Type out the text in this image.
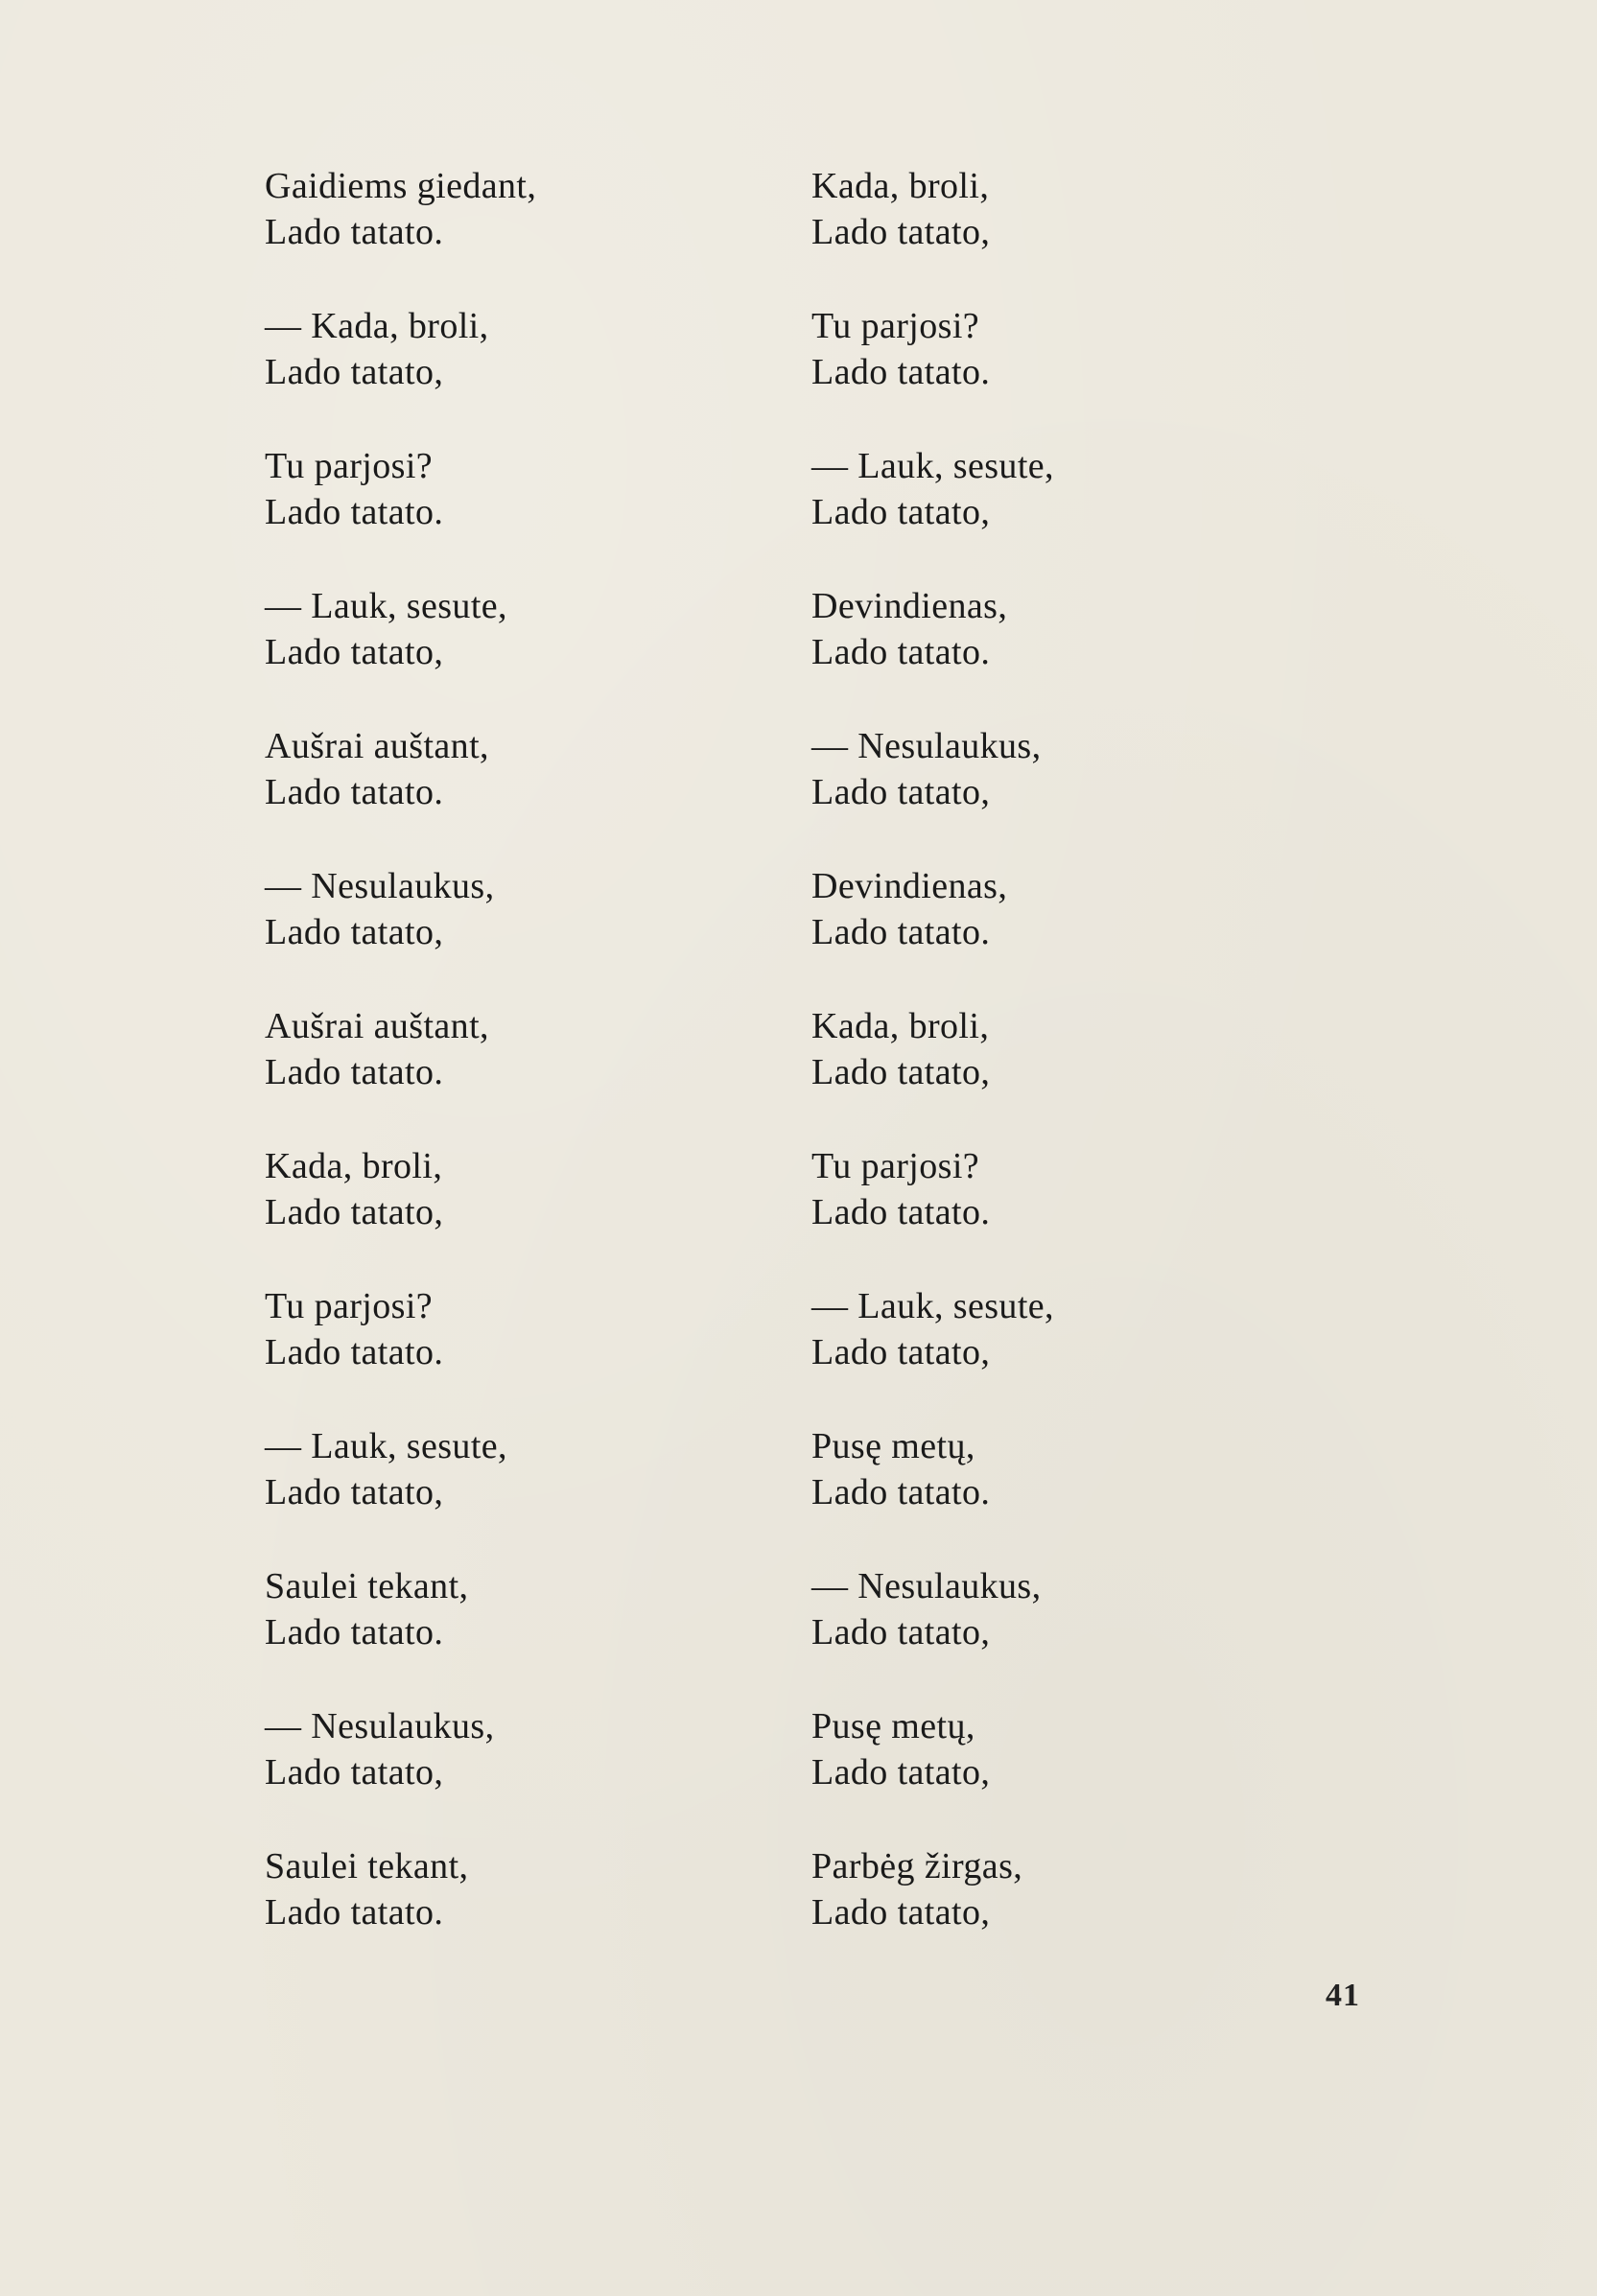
Gaidiems giedant,
Lado tatato.
— Kada, broli,
Lado tatato,
Tu parjosi?
Lado tatato.
— Lauk, sesute,
Lado tatato,
Aušrai auštant,
Lado tatato.
— Nesulaukus,
Lado tatato,
Aušrai auštant,
Lado tatato.
Kada, broli,
Lado tatato,
Tu parjosi?
Lado tatato.
— Lauk, sesute,
Lado tatato,
Saulei tekant,
Lado tatato.
— Nesulaukus,
Lado tatato,
Saulei tekant,
Lado tatato.
Kada, broli,
Lado tatato,
Tu parjosi?
Lado tatato.
— Lauk, sesute,
Lado tatato,
Devindienas,
Lado tatato.
— Nesulaukus,
Lado tatato,
Devindienas,
Lado tatato.
Kada, broli,
Lado tatato,
Tu parjosi?
Lado tatato.
— Lauk, sesute,
Lado tatato,
Pusę metų,
Lado tatato.
— Nesulaukus,
Lado tatato,
Pusę metų,
Lado tatato,
Parbėg žirgas,
Lado tatato,
41
